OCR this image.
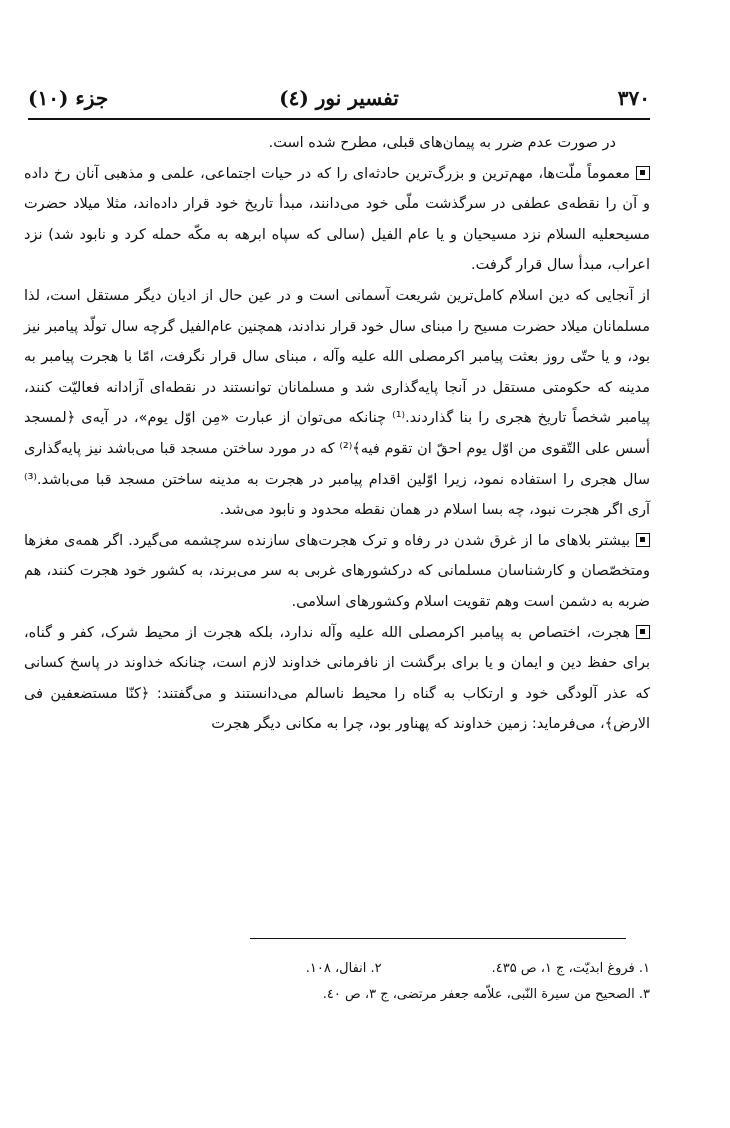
۳۷۰
تفسیر نور (٤)
جزء (۱۰)

در صورت عدم ضرر به پیمان‌های قبلی، مطرح شده است.

معموماً ملّت‌ها، مهم‌ترین و بزرگ‌ترین حادثه‌ای را که در حیات اجتماعی، علمی و مذهبی آنان رخ داده و آن را نقطه‌ی عطفی در سرگذشت ملّی خود می‌دانند، مبدأ تاریخ خود قرار داده‌اند، مثلا میلاد حضرت مسیحعليه السلام نزد مسیحیان و یا عام الفیل (سالی که سپاه ابرهه به مکّه حمله کرد و نابود شد) نزد اعراب، مبدأ سال قرار گرفت.

از آنجایی که دین اسلام کامل‌ترین شریعت آسمانی است و در عین حال از ادیان دیگر مستقل است، لذا مسلمانان میلاد حضرت مسیح را مبنای سال خود قرار ندادند، همچنین عام‌الفیل گرچه سال تولّد پیامبر نیز بود، و یا حتّی روز بعثت پیامبر اکرمصلى الله عليه وآله ، مبنای سال قرار نگرفت، امّا با هجرت پیامبر به مدینه که حکومتی مستقل در آنجا پایه‌گذاری شد و مسلمانان توانستند در نقطه‌ای آزادانه فعالیّت کنند، پیامبر شخصاً تاریخ هجری را بنا گذاردند.⁽¹⁾ چنانکه می‌توان از عبارت «مِن اوّل یوم»، در آیه‌ی ﴿لمسجد أسس علی التّقوی من اوّل یوم احقّ ان تقوم فیه﴾⁽²⁾ که در مورد ساختن مسجد قبا می‌باشد نیز پایه‌گذاری سال هجری را استفاده نمود، زیرا اوّلین اقدام پیامبر در هجرت به مدینه ساختن مسجد قبا می‌باشد.⁽³⁾ آری اگر هجرت نبود، چه بسا اسلام در همان نقطه محدود و نابود می‌شد.

بیشتر بلاهای ما از غرق شدن در رفاه و ترک هجرت‌های سازنده سرچشمه می‌گیرد. اگر همه‌ی مغزها ومتخصّصان و کارشناسان مسلمانی که درکشورهای غربی به سر می‌برند، به کشور خود هجرت کنند، هم ضربه به دشمن است وهم تقویت اسلام وکشورهای اسلامی.

هجرت، اختصاص به پیامبر اکرمصلى الله عليه وآله ندارد، بلکه هجرت از محیط شرک، کفر و گناه، برای حفظ دین و ایمان و یا برای برگشت از نافرمانی خداوند لازم است، چنانکه خداوند در پاسخ کسانی که عذر آلودگی خود و ارتکاب به گناه را محیط ناسالم می‌دانستند و می‌گفتند: ﴿کنّا مستضعفین فی الارض﴾، می‌فرماید: زمین خداوند که پهناور بود، چرا به مکانی دیگر هجرت

۱. فروغ ابدیّت، ج ۱، ص ٤۳۵.۲. انفال، ۱۰۸.
۳. الصحیح من سیرة النّبی، علاّمه جعفر مرتضی، ج ۳، ص ٤۰.
